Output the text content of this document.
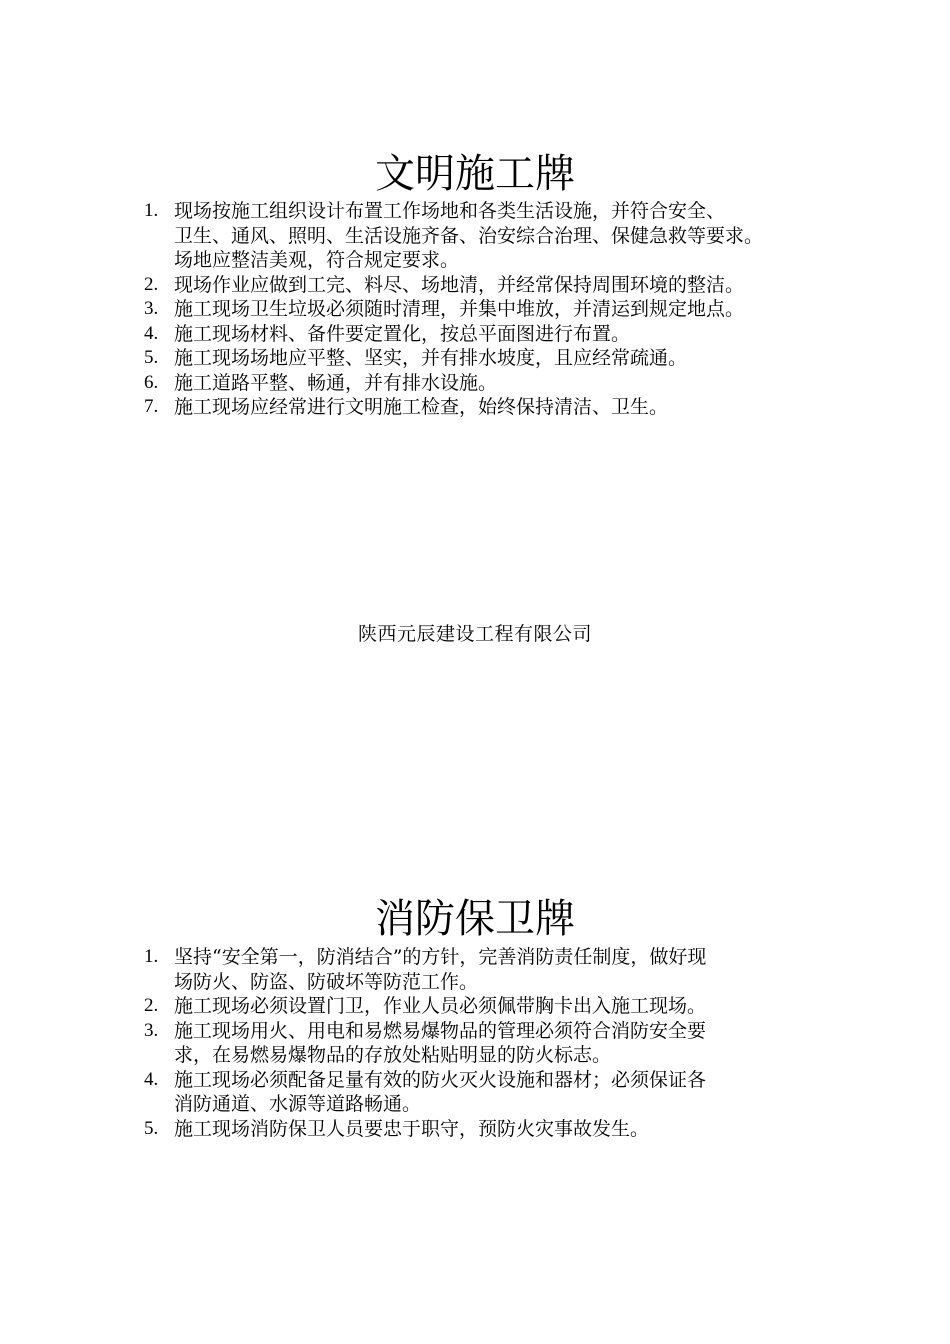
文明施工牌
1. 现场按施工组织设计布置工作场地和各类生活设施，并符合安全、
卫生、通风、照明、生活设施齐备、治安综合治理、保健急救等要求。
场地应整洁美观，符合规定要求。
2. 现场作业应做到工完、料尽、场地清，并经常保持周围环境的整洁。
3. 施工现场卫生垃圾必须随时清理，并集中堆放，并清运到规定地点。
4. 施工现场材料、备件要定置化，按总平面图进行布置。
5. 施工现场场地应平整、坚实，并有排水坡度，且应经常疏通。
6. 施工道路平整、畅通，并有排水设施。
7. 施工现场应经常进行文明施工检查，始终保持清洁、卫生。
陕西元辰建设工程有限公司
消防保卫牌
1. 坚持“安全第一，防消结合”的方针，完善消防责任制度，做好现
场防火、防盗、防破坏等防范工作。
2. 施工现场必须设置门卫，作业人员必须佩带胸卡出入施工现场。
3. 施工现场用火、用电和易燃易爆物品的管理必须符合消防安全要
求，在易燃易爆物品的存放处粘贴明显的防火标志。
4. 施工现场必须配备足量有效的防火灭火设施和器材；必须保证各
消防通道、水源等道路畅通。
5. 施工现场消防保卫人员要忠于职守，预防火灾事故发生。
